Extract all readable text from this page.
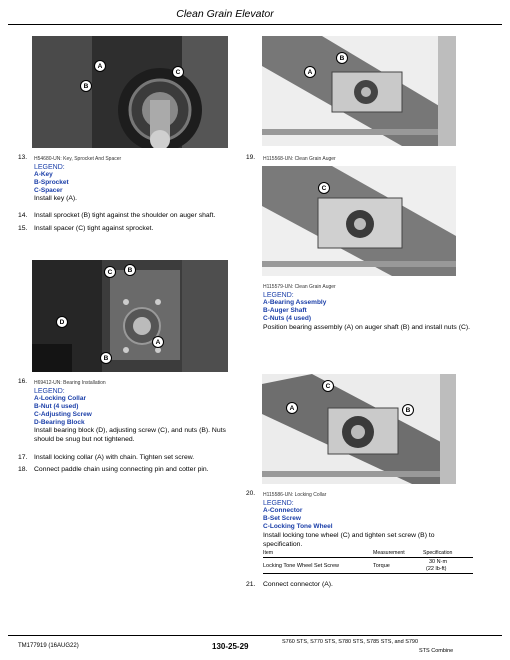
Clean Grain Elevator
A
B
C
13. H54680-UN: Key, Sprocket And Spacer
LEGEND:
A-Key
B-Sprocket
C-Spacer
Install key (A).
14. Install sprocket (B) tight against the shoulder on auger shaft.
15. Install spacer (C) tight against sprocket.
C	B
D
A
B
16. H69412-UN: Bearing Installation
LEGEND:
A-Locking Collar
B-Nut (4 used)
C-Adjusting Screw
D-Bearing Block
Install bearing block (D), adjusting screw (C), and nuts (B). Nuts should be snug but not tightened.
17. Install locking collar (A) with chain. Tighten set screw.
18. Connect paddle chain using connecting pin and cotter pin.
A
B
19. H115568-UN: Clean Grain Auger
C
H115579-UN: Clean Grain Auger
LEGEND:
A-Bearing Assembly
B-Auger Shaft
C-Nuts (4 used)
Position bearing assembly (A) on auger shaft (B) and install nuts (C).
C
A	B
20. H115586-UN: Locking Collar
LEGEND:
A-Connector
B-Set Screw
C-Locking Tone Wheel
Install locking tone wheel (C) and tighten set screw (B) to specification.
Item	Measurement	Specification
Locking Tone Wheel Set Screw	Torque
30 N·m
(22 lb-ft)
21. Connect connector (A).
TM177919 (16AUG22)	130-25-29	S760 STS, S770 STS, S780 STS, S785 STS, and S790
STS Combine
